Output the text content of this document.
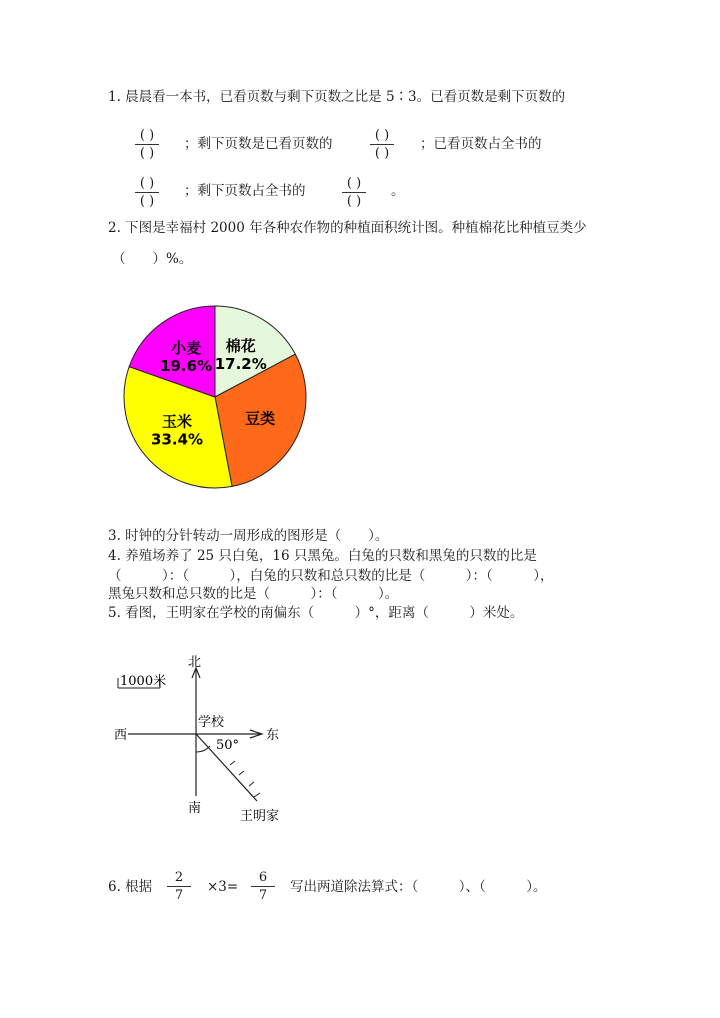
1. 晨晨看一本书，已看页数与剩下页数之比是 5∶3。已看页数是剩下页数的
( )
( )
；剩下页数是已看页数的
( )
( )
；已看页数占全书的
( )
( )
；剩下页数占全书的	( )
( )
。
2. 下图是幸福村 2000 年各种农作物的种植面积统计图。种植棉花比种植豆类少
（　　）%。
棉花
17.2%
豆类
玉米
33.4%
小麦
19.6%
3. 时钟的分针转动一周形成的图形是（　　）。
4. 养殖场养了 25 只白兔，16 只黑兔。白兔的只数和黑兔的只数的比是
（　　　）：（　　　），白兔的只数和总只数的比是（　　　）：（　　　），
黑兔只数和总只数的比是（　　　）：（　　　）。
5. 看图，王明家在学校的南偏东（　　　）°，距离（　　　）米处。
1000米
北
南
西	东
学校
50°
王明家
6. 根据
2
7
×3=
6
7
写出两道除法算式：（　　　）、（　　　）。
